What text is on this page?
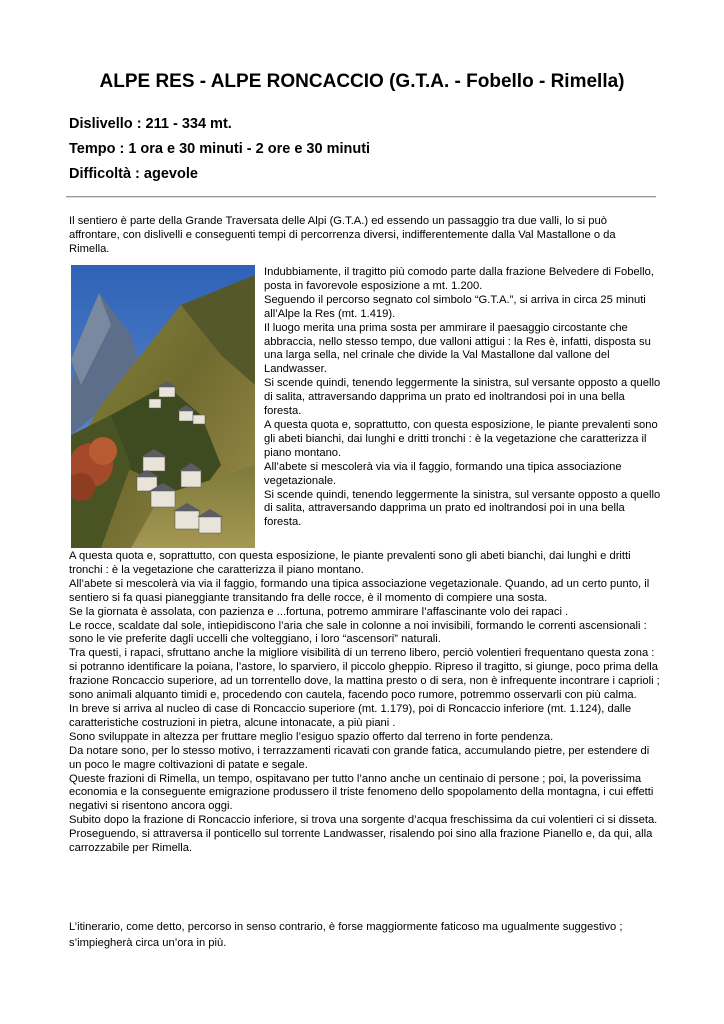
ALPE RES - ALPE RONCACCIO (G.T.A. - Fobello - Rimella)
Dislivello : 211 - 334 mt.
Tempo : 1 ora e 30 minuti - 2 ore e 30 minuti
Difficoltà : agevole

Il sentiero è parte della Grande Traversata delle Alpi (G.T.A.) ed essendo un passaggio tra due valli, lo si può affrontare, con dislivelli e conseguenti tempi di percorrenza diversi, indifferentemente dalla Val Mastallone o da Rimella.

Indubbiamente, il tragitto più comodo parte dalla frazione Belvedere di Fobello, posta in favorevole esposizione a mt. 1.200.

Seguendo il percorso segnato col simbolo “G.T.A.”, si arriva in circa 25 minuti all’Alpe la Res (mt. 1.419).

Il luogo merita una prima sosta per ammirare il paesaggio circostante che abbraccia, nello stesso tempo, due valloni attigui : la Res è, infatti, disposta su una larga sella, nel crinale che divide la Val Mastallone dal vallone del Landwasser.

Si scende quindi, tenendo leggermente la sinistra, sul versante opposto a quello di salita, attraversando dapprima un prato ed inoltrandosi poi in una bella foresta.

A questa quota e, soprattutto, con questa esposizione, le piante prevalenti sono gli abeti bianchi, dai lunghi e dritti tronchi : è la vegetazione che caratterizza il piano montano.

All’abete si mescolerà via via il faggio, formando una tipica associazione vegetazionale.

Si scende quindi, tenendo leggermente la sinistra, sul versante opposto a quello di salita, attraversando dapprima un prato ed inoltrandosi poi in una bella foresta.

A questa quota e, soprattutto, con questa esposizione, le piante prevalenti sono gli abeti bianchi, dai lunghi e dritti tronchi : è la vegetazione che caratterizza il piano montano.

All’abete si mescolerà via via il faggio, formando una tipica associazione vegetazionale. Quando, ad un certo punto, il sentiero si fa quasi pianeggiante transitando fra delle rocce, è il momento di compiere una sosta.

Se la giornata è assolata, con pazienza e ...fortuna, potremo ammirare l’affascinante volo dei rapaci .

Le rocce, scaldate dal sole, intiepidiscono l’aria che sale in colonne a noi invisibili, formando le correnti ascensionali : sono le vie preferite dagli uccelli che volteggiano, i loro “ascensori” naturali.

Tra questi, i rapaci, sfruttano anche la migliore visibilità di un terreno libero, perciò volentieri frequentano questa zona : si potranno identificare la poiana, l’astore, lo sparviero, il piccolo gheppio. Ripreso il tragitto, si giunge, poco prima della frazione Roncaccio superiore, ad un torrentello dove, la mattina presto o di sera, non è infrequente incontrare i caprioli ; sono animali alquanto timidi e, procedendo con cautela, facendo poco rumore, potremmo osservarli con più calma.

In breve si arriva al nucleo di case di Roncaccio superiore (mt. 1.179), poi di Roncaccio inferiore (mt. 1.124), dalle caratteristiche costruzioni in pietra, alcune intonacate, a più piani .

Sono sviluppate in altezza per fruttare meglio l’esiguo spazio offerto dal terreno in forte pendenza.

Da notare sono, per lo stesso motivo, i terrazzamenti ricavati con grande fatica, accumulando pietre, per estendere di un poco le magre coltivazioni di patate e segale.

Queste frazioni di Rimella, un tempo, ospitavano per tutto l’anno anche un centinaio di persone ; poi, la poverissima economia e la conseguente emigrazione produssero il triste fenomeno dello spopolamento della montagna, i cui effetti negativi si risentono ancora oggi.

Subito dopo la frazione di Roncaccio inferiore, si trova una sorgente d’acqua freschissima da cui volentieri ci si disseta.

Proseguendo, si attraversa il ponticello sul torrente Landwasser, risalendo poi sino alla frazione Pianello e, da qui, alla carrozzabile per Rimella.

L’itinerario, come detto, percorso in senso contrario, è forse maggiormente faticoso ma ugualmente suggestivo ; s’impiegherà circa un’ora in più.
